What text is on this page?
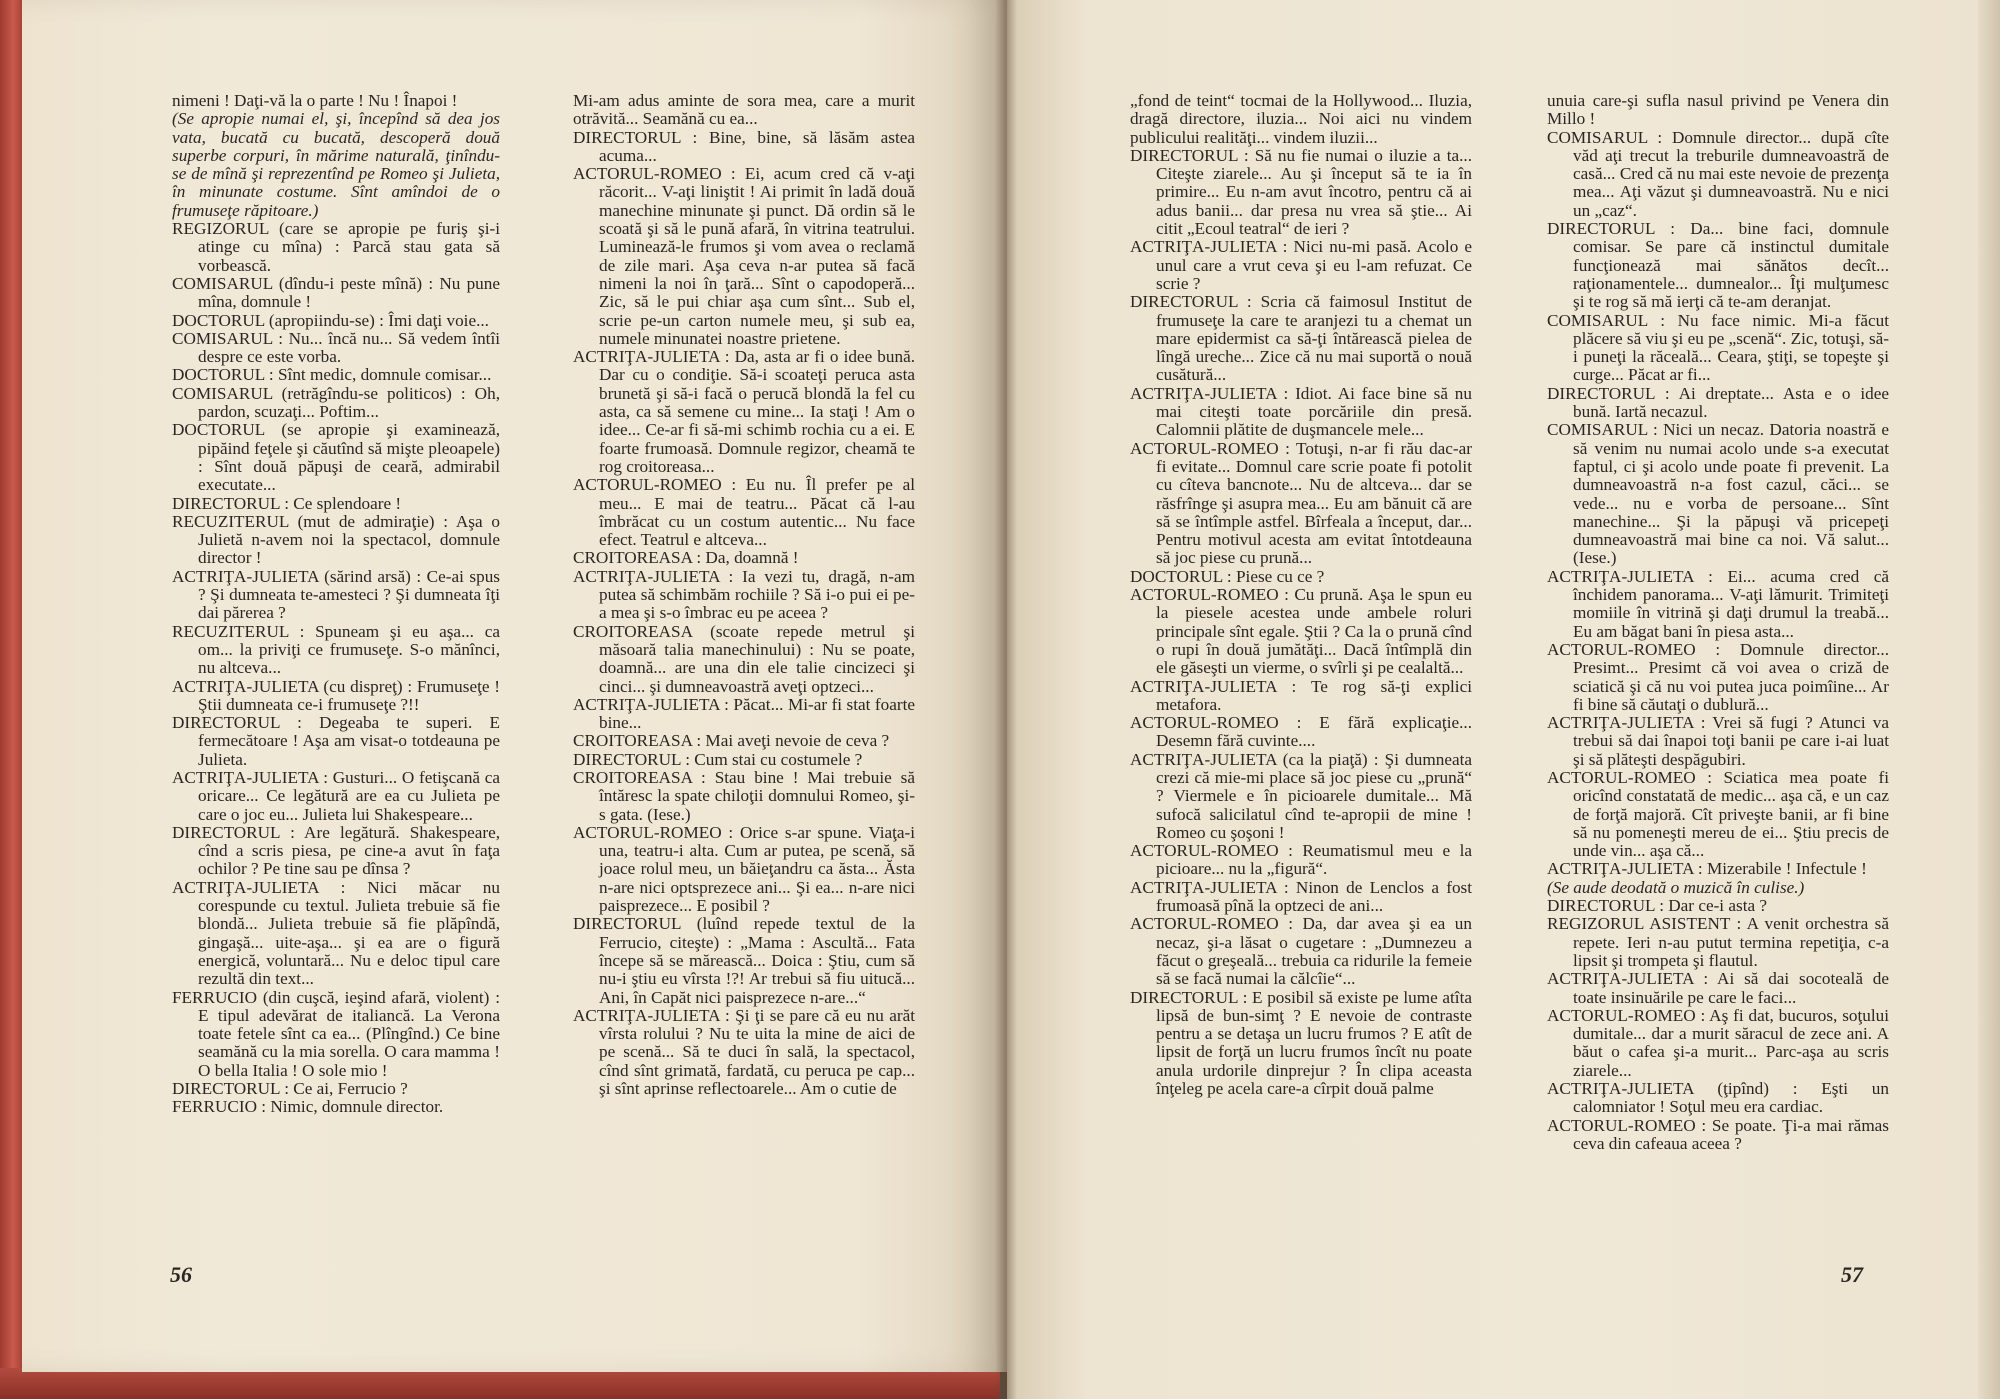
nimeni ! Daţi-vă la o parte ! Nu ! Înapoi !

(Se apropie numai el, şi, începînd să dea jos vata, bucată cu bucată, descoperă două superbe corpuri, în mărime naturală, ţinîndu-se de mînă şi reprezentînd pe Romeo şi Julieta, în minunate costume. Sînt amîndoi de o frumuseţe răpitoare.)

REGIZORUL (care se apropie pe furiş şi-i atinge cu mîna) : Parcă stau gata să vorbească.

COMISARUL (dîndu-i peste mînă) : Nu pune mîna, domnule !

DOCTORUL (apropiindu-se) : Îmi daţi voie...

COMISARUL : Nu... încă nu... Să vedem întîi despre ce este vorba.

DOCTORUL : Sînt medic, domnule comisar...

COMISARUL (retrăgîndu-se politicos) : Oh, pardon, scuzaţi... Poftim...

DOCTORUL (se apropie şi examinează, pipăind feţele şi căutînd să mişte pleoapele) : Sînt două păpuşi de ceară, admirabil executate...

DIRECTORUL : Ce splendoare !

RECUZITERUL (mut de admiraţie) : Aşa o Julietă n-avem noi la spectacol, domnule director !

ACTRIŢA-JULIETA (sărind arsă) : Ce-ai spus ? Şi dumneata te-amesteci ? Şi dumneata îţi dai părerea ?

RECUZITERUL : Spuneam şi eu aşa... ca om... la priviţi ce frumuseţe. S-o mănînci, nu altceva...

ACTRIŢA-JULIETA (cu dispreţ) : Frumuseţe ! Ştii dumneata ce-i frumuseţe ?!!

DIRECTORUL : Degeaba te superi. E fermecătoare ! Aşa am visat-o totdeauna pe Julieta.

ACTRIŢA-JULIETA : Gusturi... O fetişcană ca oricare... Ce legătură are ea cu Julieta pe care o joc eu... Julieta lui Shakespeare...

DIRECTORUL : Are legătură. Shakespeare, cînd a scris piesa, pe cine-a avut în faţa ochilor ? Pe tine sau pe dînsa ?

ACTRIŢA-JULIETA : Nici măcar nu corespunde cu textul. Julieta trebuie să fie blondă... Julieta trebuie să fie plăpîndă, gingaşă... uite-aşa... şi ea are o figură energică, voluntară... Nu e deloc tipul care rezultă din text...

FERRUCIO (din cuşcă, ieşind afară, violent) : E tipul adevărat de italiancă. La Verona toate fetele sînt ca ea... (Plîngînd.) Ce bine seamănă cu la mia sorella. O cara mamma ! O bella Italia ! O sole mio !

DIRECTORUL : Ce ai, Ferrucio ?

FERRUCIO : Nimic, domnule director.

Mi-am adus aminte de sora mea, care a murit otrăvită... Seamănă cu ea...

DIRECTORUL : Bine, bine, să lăsăm astea acuma...

ACTORUL-ROMEO : Ei, acum cred că v-aţi răcorit... V-aţi liniştit ! Ai primit în ladă două manechine minunate şi punct. Dă ordin să le scoată şi să le pună afară, în vitrina teatrului. Luminează-le frumos şi vom avea o reclamă de zile mari. Aşa ceva n-ar putea să facă nimeni la noi în ţară... Sînt o capodoperă... Zic, să le pui chiar aşa cum sînt... Sub el, scrie pe-un carton numele meu, şi sub ea, numele minunatei noastre prietene.

ACTRIŢA-JULIETA : Da, asta ar fi o idee bună. Dar cu o condiţie. Să-i scoateţi peruca asta brunetă şi să-i facă o perucă blondă la fel cu asta, ca să semene cu mine... Ia staţi ! Am o idee... Ce-ar fi să-mi schimb rochia cu a ei. E foarte frumoasă. Domnule regizor, cheamă te rog croitoreasa...

ACTORUL-ROMEO : Eu nu. Îl prefer pe al meu... E mai de teatru... Păcat că l-au îmbrăcat cu un costum autentic... Nu face efect. Teatrul e altceva...

CROITOREASA : Da, doamnă !

ACTRIŢA-JULIETA : Ia vezi tu, dragă, n-am putea să schimbăm rochiile ? Să i-o pui ei pe-a mea şi s-o îmbrac eu pe aceea ?

CROITOREASA (scoate repede metrul şi măsoară talia manechinului) : Nu se poate, doamnă... are una din ele talie cincizeci şi cinci... şi dumneavoastră aveţi optzeci...

ACTRIŢA-JULIETA : Păcat... Mi-ar fi stat foarte bine...

CROITOREASA : Mai aveţi nevoie de ceva ?

DIRECTORUL : Cum stai cu costumele ?

CROITOREASA : Stau bine ! Mai trebuie să întăresc la spate chiloţii domnului Romeo, şi-s gata. (Iese.)

ACTORUL-ROMEO : Orice s-ar spune. Viaţa-i una, teatru-i alta. Cum ar putea, pe scenă, să joace rolul meu, un băieţandru ca ăsta... Ăsta n-are nici optsprezece ani... Şi ea... n-are nici paisprezece... E posibil ?

DIRECTORUL (luînd repede textul de la Ferrucio, citeşte) : „Mama : Ascultă... Fata începe să se mărească... Doica : Ştiu, cum să nu-i ştiu eu vîrsta !?! Ar trebui să fiu uitucă... Ani, în Capăt nici paisprezece n-are...“

ACTRIŢA-JULIETA : Şi ţi se pare că eu nu arăt vîrsta rolului ? Nu te uita la mine de aici de pe scenă... Să te duci în sală, la spectacol, cînd sînt grimată, fardată, cu peruca pe cap... şi sînt aprinse reflectoarele... Am o cutie de

„fond de teint“ tocmai de la Hollywood... Iluzia, dragă directore, iluzia... Noi aici nu vindem publicului realităţi... vindem iluzii...

DIRECTORUL : Să nu fie numai o iluzie a ta... Citeşte ziarele... Au şi început să te ia în primire... Eu n-am avut încotro, pentru că ai adus banii... dar presa nu vrea să ştie... Ai citit „Ecoul teatral“ de ieri ?

ACTRIŢA-JULIETA : Nici nu-mi pasă. Acolo e unul care a vrut ceva şi eu l-am refuzat. Ce scrie ?

DIRECTORUL : Scria că faimosul Institut de frumuseţe la care te aranjezi tu a chemat un mare epidermist ca să-ţi întărească pielea de lîngă ureche... Zice că nu mai suportă o nouă cusătură...

ACTRIŢA-JULIETA : Idiot. Ai face bine să nu mai citeşti toate porcăriile din presă. Calomnii plătite de duşmancele mele...

ACTORUL-ROMEO : Totuşi, n-ar fi rău dac-ar fi evitate... Domnul care scrie poate fi potolit cu cîteva bancnote... Nu de altceva... dar se răsfrînge şi asupra mea... Eu am bănuit că are să se întîmple astfel. Bîrfeala a început, dar... Pentru motivul acesta am evitat întotdeauna să joc piese cu prună...

DOCTORUL : Piese cu ce ?

ACTORUL-ROMEO : Cu prună. Aşa le spun eu la piesele acestea unde ambele roluri principale sînt egale. Ştii ? Ca la o prună cînd o rupi în două jumătăţi... Dacă întîmplă din ele găseşti un vierme, o svîrli şi pe cealaltă...

ACTRIŢA-JULIETA : Te rog să-ţi explici metafora.

ACTORUL-ROMEO : E fără explicaţie... Desemn fără cuvinte....

ACTRIŢA-JULIETA (ca la piaţă) : Şi dumneata crezi că mie-mi place să joc piese cu „prună“ ? Viermele e în picioarele dumitale... Mă sufocă salicilatul cînd te-apropii de mine ! Romeo cu şoşoni !

ACTORUL-ROMEO : Reumatismul meu e la picioare... nu la „figură“.

ACTRIŢA-JULIETA : Ninon de Lenclos a fost frumoasă pînă la optzeci de ani...

ACTORUL-ROMEO : Da, dar avea şi ea un necaz, şi-a lăsat o cugetare : „Dumnezeu a făcut o greşeală... trebuia ca ridurile la femeie să se facă numai la călcîie“...

DIRECTORUL : E posibil să existe pe lume atîta lipsă de bun-simţ ? E nevoie de contraste pentru a se detaşa un lucru frumos ? E atît de lipsit de forţă un lucru frumos încît nu poate anula urdorile dinprejur ? În clipa aceasta înţeleg pe acela care-a cîrpit două palme

unuia care-şi sufla nasul privind pe Venera din Millo !

COMISARUL : Domnule director... după cîte văd aţi trecut la treburile dumneavoastră de casă... Cred că nu mai este nevoie de prezenţa mea... Aţi văzut şi dumneavoastră. Nu e nici un „caz“.

DIRECTORUL : Da... bine faci, domnule comisar. Se pare că instinctul dumitale funcţionează mai sănătos decît... raţionamentele... dumnealor... Îţi mulţumesc şi te rog să mă ierţi că te-am deranjat.

COMISARUL : Nu face nimic. Mi-a făcut plăcere să viu şi eu pe „scenă“. Zic, totuşi, să-i puneţi la răceală... Ceara, ştiţi, se topeşte şi curge... Păcat ar fi...

DIRECTORUL : Ai dreptate... Asta e o idee bună. Iartă necazul.

COMISARUL : Nici un necaz. Datoria noastră e să venim nu numai acolo unde s-a executat faptul, ci şi acolo unde poate fi prevenit. La dumneavoastră n-a fost cazul, căci... se vede... nu e vorba de persoane... Sînt manechine... Şi la păpuşi vă pricepeţi dumneavoastră mai bine ca noi. Vă salut... (Iese.)

ACTRIŢA-JULIETA : Ei... acuma cred că închidem panorama... V-aţi lămurit. Trimiteţi momiile în vitrină şi daţi drumul la treabă... Eu am băgat bani în piesa asta...

ACTORUL-ROMEO : Domnule director... Presimt... Presimt că voi avea o criză de sciatică şi că nu voi putea juca poimîine... Ar fi bine să căutaţi o dublură...

ACTRIŢA-JULIETA : Vrei să fugi ? Atunci va trebui să dai înapoi toţi banii pe care i-ai luat şi să plăteşti despăgubiri.

ACTORUL-ROMEO : Sciatica mea poate fi oricînd constatată de medic... aşa că, e un caz de forţă majoră. Cît priveşte banii, ar fi bine să nu pomeneşti mereu de ei... Ştiu precis de unde vin... aşa că...

ACTRIŢA-JULIETA : Mizerabile ! Infectule !

(Se aude deodată o muzică în culise.)

DIRECTORUL : Dar ce-i asta ?

REGIZORUL ASISTENT : A venit orchestra să repete. Ieri n-au putut termina repetiţia, c-a lipsit şi trompeta şi flautul.

ACTRIŢA-JULIETA : Ai să dai socoteală de toate insinuările pe care le faci...

ACTORUL-ROMEO : Aş fi dat, bucuros, soţului dumitale... dar a murit săracul de zece ani. A băut o cafea şi-a murit... Parc-aşa au scris ziarele...

ACTRIŢA-JULIETA (ţipînd) : Eşti un calomniator ! Soţul meu era cardiac.

ACTORUL-ROMEO : Se poate. Ţi-a mai rămas ceva din cafeaua aceea ?

56	57
